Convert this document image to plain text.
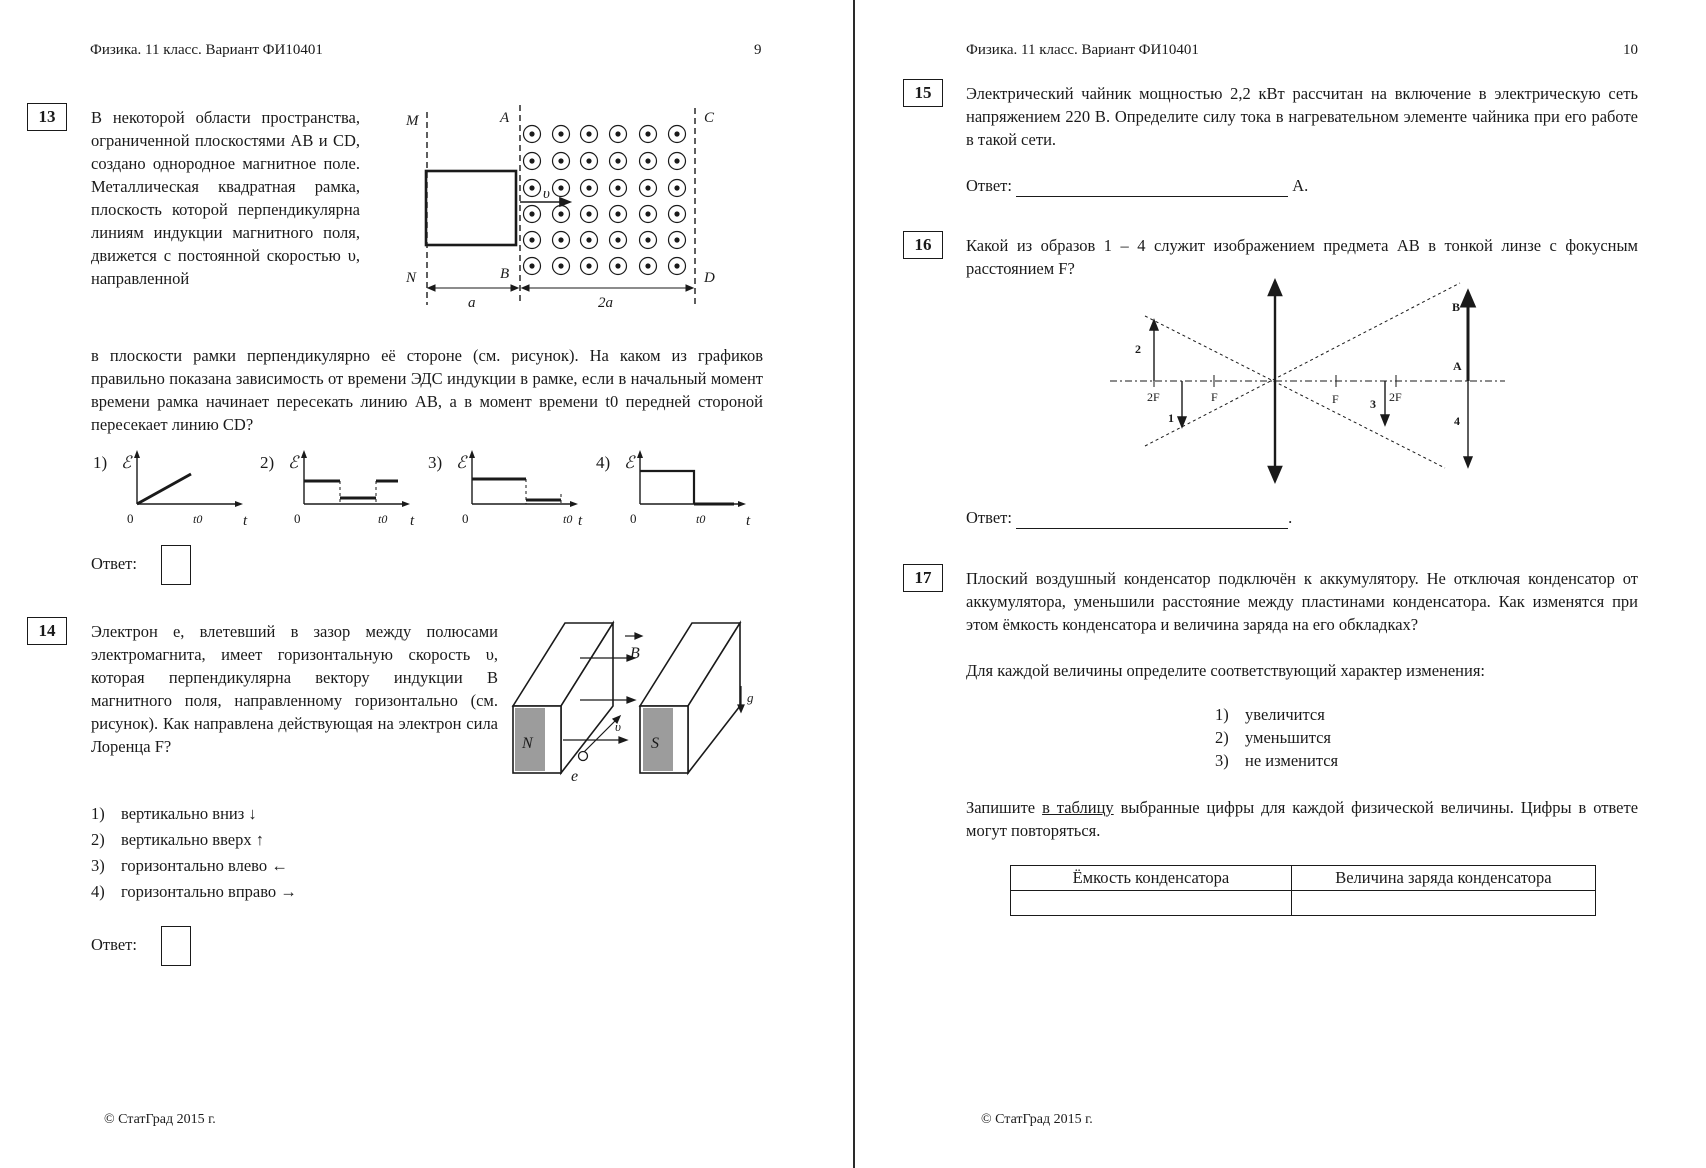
Физика. 11 класс. Вариант ФИ10401	9
13	В некоторой области пространства, ограниченной плоскостями AB и CD, создано однородное магнитное поле. Металлическая квадратная рамка, плоскость которой перпендикулярна линиям индукции магнитного поля, движется с постоянной скоростью υ, направленной
в плоскости рамки перпендикулярно её стороне (см. рисунок). На каком из графиков правильно показана зависимость от времени ЭДС индукции в рамке, если в начальный момент времени рамка начинает пересекать линию AB, а в момент времени t0 передней стороной пересекает линию CD?
M	A	C
N	B	D
a	2a
υ
1) ℰ
t
0	t0
2) ℰ
t
0	t0
3) ℰ
t
0	t0
4) ℰ
t
0	t0
Ответ:
14	Электрон e, влетевший в зазор между полюсами электромагнита, имеет горизонтальную скорость υ, которая перпендикулярна вектору индукции B магнитного поля, направленному горизонтально (см. рисунок). Как направлена действующая на электрон сила Лоренца F?	N	S
B
υ
e
g
1) вертикально вниз ↓
2) вертикально вверх ↑
3) горизонтально влево ←
4) горизонтально вправо →
Ответ:
© СтатГрад 2015 г.
Физика. 11 класс. Вариант ФИ10401	10
15	Электрический чайник мощностью 2,2 кВт рассчитан на включение в электрическую сеть напряжением 220 В. Определите силу тока в нагревательном элементе чайника при его работе в такой сети.
Ответ:	А.
16	Какой из образов 1 – 4 служит изображением предмета АВ в тонкой линзе с фокусным расстоянием F?
2F	F	F	2F
1
2
3
4
A
B
Ответ:	.
17	Плоский воздушный конденсатор подключён к аккумулятору. Не отключая конденсатор от аккумулятора, уменьшили расстояние между пластинами конденсатора. Как изменятся при этом ёмкость конденсатора и величина заряда на его обкладках?
Для каждой величины определите соответствующий характер изменения:
1) увеличится
2) уменьшится
3) не изменится
Запишите в таблицу выбранные цифры для каждой физической величины. Цифры в ответе могут повторяться.
Ёмкость конденсатора	Величина заряда конденсатора

© СтатГрад 2015 г.
